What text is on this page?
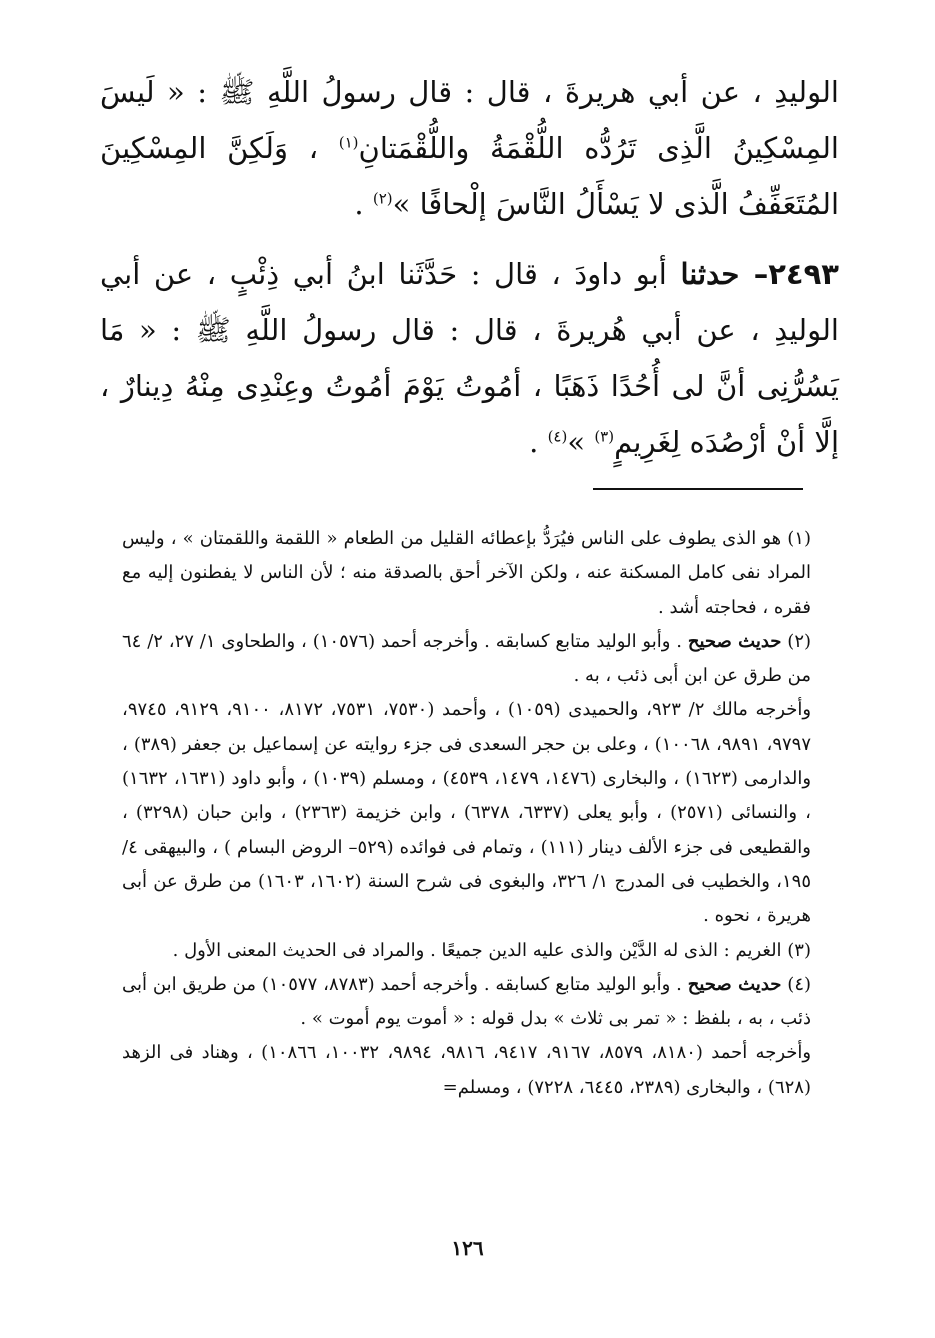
الوليدِ ، عن أبي هريرةَ ، قال : قال رسولُ اللَّهِ ﷺ : « لَيسَ المِسْكِينُ الَّذِى تَرُدُّه اللُّقْمَةُ واللُّقْمَتانِ$^{(١)}$ ، وَلَكِنَّ المِسْكِينَ المُتَعَفِّفُ الَّذى لا يَسْأَلُ النَّاسَ إلْحافًا »$^{(٢)}$ .

٢٤٩٣– حدثنا أبو داودَ ، قال : حَدَّثَنا ابنُ أبي ذِئْبٍ ، عن أبي الوليدِ ، عن أبي هُريرةَ ، قال : قال رسولُ اللَّهِ ﷺ : « مَا يَسُرُّنِى أنَّ لى أُحُدًا ذَهَبًا ، أمُوتُ يَوْمَ أمُوتُ وعِنْدِى مِنْهُ دِينارٌ ، إلَّا أنْ أرْصُدَه لِغَرِيمٍ$^{(٣)}$ »$^{(٤)}$ .

(١) هو الذى يطوف على الناس فيُرَدُّ بإعطائه القليل من الطعام « اللقمة واللقمتان » ، وليس المراد نفى كامل المسكنة عنه ، ولكن الآخر أحق بالصدقة منه ؛ لأن الناس لا يفطنون إليه مع فقره ، فحاجته أشد .

(٢) حديث صحيح . وأبو الوليد متابع كسابقه . وأخرجه أحمد (١٠٥٧٦) ، والطحاوى ١/ ٢٧، ٢/ ٦٤ من طرق عن ابن أبى ذئب ، به .

وأخرجه مالك ٢/ ٩٢٣، والحميدى (١٠٥٩) ، وأحمد (٧٥٣٠، ٧٥٣١، ٨١٧٢، ٩١٠٠، ٩١٢٩، ٩٧٤٥، ٩٧٩٧، ٩٨٩١، ١٠٠٦٨) ، وعلى بن حجر السعدى فى جزء روايته عن إسماعيل بن جعفر (٣٨٩) ، والدارمى (١٦٢٣) ، والبخارى (١٤٧٦، ١٤٧٩، ٤٥٣٩) ، ومسلم (١٠٣٩) ، وأبو داود (١٦٣١، ١٦٣٢) ، والنسائى (٢٥٧١) ، وأبو يعلى (٦٣٣٧، ٦٣٧٨) ، وابن خزيمة (٢٣٦٣) ، وابن حبان (٣٢٩٨) ، والقطيعى فى جزء الألف دينار (١١١) ، وتمام فى فوائده (٥٢٩– الروض البسام ) ، والبيهقى ٤/ ١٩٥، والخطيب فى المدرج ١/ ٣٢٦، والبغوى فى شرح السنة (١٦٠٢، ١٦٠٣) من طرق عن أبى هريرة ، نحوه .

(٣) الغريم : الذى له الدَّيْن والذى عليه الدين جميعًا . والمراد فى الحديث المعنى الأول .

(٤) حديث صحيح . وأبو الوليد متابع كسابقه . وأخرجه أحمد (٨٧٨٣، ١٠٥٧٧) من طريق ابن أبى ذئب ، به ، بلفظ : « تمر بى ثلاث » بدل قوله : « أموت يوم أموت » .

وأخرجه أحمد (٨١٨٠، ٨٥٧٩، ٩١٦٧، ٩٤١٧، ٩٨١٦، ٩٨٩٤، ١٠٠٣٢، ١٠٨٦٦) ، وهناد فى الزهد (٦٢٨) ، والبخارى (٢٣٨٩، ٦٤٤٥، ٧٢٢٨) ، ومسلم=

١٢٦
